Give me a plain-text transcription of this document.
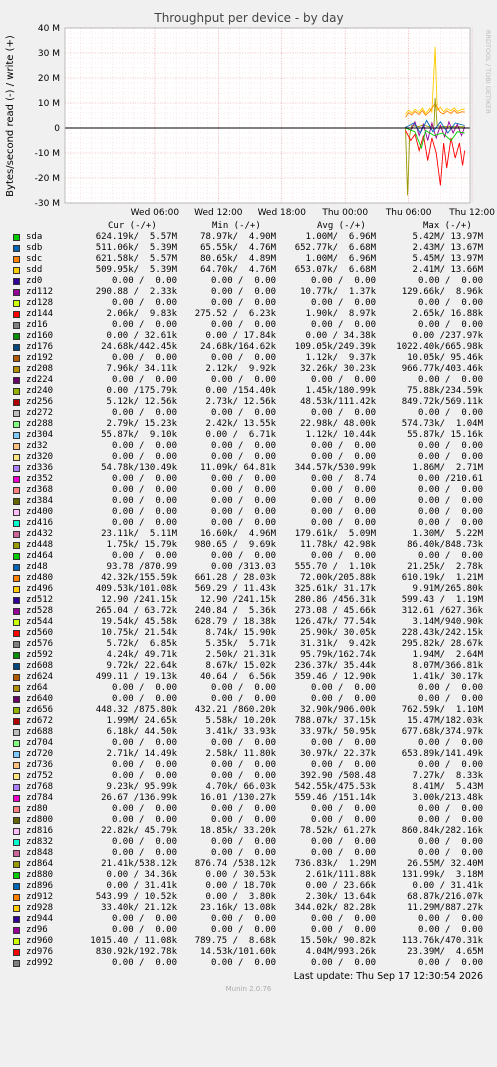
Throughput per device - by day
RRDTOOL / TOBI OETIKER
Bytes/second read (-) / write (+)
40 M
30 M
20 M
10 M
0
-10 M
-20 M
-30 M
Wed 06:00 Wed 12:00 Wed 18:00 Thu 00:00 Thu 06:00 Thu 12:00

Cur (-/+)

	Min (-/+)

	Avg (-/+)

	Max (-/+)

sda	624.19k/  5.57M	78.97k/  4.90M	1.00M/  6.96M	5.42M/ 13.97M
sdb	511.06k/  5.39M	65.55k/  4.76M 652.77k/  6.68M	2.43M/ 13.67M
sdc	621.58k/  5.57M	80.65k/  4.89M	1.00M/  6.96M	5.45M/ 13.97M
sdd	509.95k/  5.39M	64.70k/  4.76M 653.07k/  6.68M	2.41M/ 13.66M
zd0	0.00 /  0.00	0.00 /  0.00	0.00 /  0.00	0.00 /  0.00
zd112	290.88 /  2.33k	0.00 /  0.00	10.77k/  1.37k	129.66k/  8.96k
zd128	0.00 /  0.00	0.00 /  0.00	0.00 /  0.00	0.00 /  0.00
zd144	2.06k/  9.83k 275.52 /  6.23k	1.90k/  8.97k	2.65k/ 16.88k
zd16	0.00 /  0.00	0.00 /  0.00	0.00 /  0.00	0.00 /  0.00
zd160	0.00 / 32.61k	0.00 / 17.84k	0.00 / 34.38k	0.00 /237.97k
zd176	24.68k/442.45k	24.68k/164.62k 109.05k/249.39k 1022.40k/665.98k
zd192	0.00 /  0.00	0.00 /  0.00	1.12k/  9.37k	10.05k/ 95.46k
zd208	7.96k/ 34.11k	2.12k/  9.92k	32.26k/ 30.23k	966.77k/403.46k
zd224	0.00 /  0.00	0.00 /  0.00	0.00 /  0.00	0.00 /  0.00
zd240	0.00 /175.79k	0.00 /154.40k	1.45k/180.99k	75.88k/234.59k
zd256	5.12k/ 12.56k	2.73k/ 12.56k	48.53k/111.42k	849.72k/569.11k
zd272	0.00 /  0.00	0.00 /  0.00	0.00 /  0.00	0.00 /  0.00
zd288	2.79k/ 15.23k	2.42k/ 13.55k	22.98k/ 48.00k	574.73k/  1.04M
zd304	55.87k/  9.10k	0.00 /  6.71k	1.12k/ 10.44k	55.87k/ 15.16k
zd32	0.00 /  0.00	0.00 /  0.00	0.00 /  0.00	0.00 /  0.00
zd320	0.00 /  0.00	0.00 /  0.00	0.00 /  0.00	0.00 /  0.00
zd336	54.78k/130.49k	11.09k/ 64.81k 344.57k/530.99k	1.86M/  2.71M
zd352	0.00 /  0.00	0.00 /  0.00	0.00 /  8.74	0.00 /210.61
zd368	0.00 /  0.00	0.00 /  0.00	0.00 /  0.00	0.00 /  0.00
zd384	0.00 /  0.00	0.00 /  0.00	0.00 /  0.00	0.00 /  0.00
zd400	0.00 /  0.00	0.00 /  0.00	0.00 /  0.00	0.00 /  0.00
zd416	0.00 /  0.00	0.00 /  0.00	0.00 /  0.00	0.00 /  0.00
zd432	23.11k/  5.11M	16.60k/  4.96M 179.61k/  5.09M	1.30M/  5.22M
zd448	1.75k/ 15.79k 980.65 /  9.69k	11.78k/ 42.98k	86.40k/848.73k
zd464	0.00 /  0.00	0.00 /  0.00	0.00 /  0.00	0.00 /  0.00
zd48	93.78 /870.99	0.00 /313.03 555.70 /  1.10k	21.25k/  2.78k
zd480	42.32k/155.59k 661.28 / 28.03k	72.00k/205.88k	610.19k/  1.21M
zd496	409.53k/101.08k 569.29 / 11.43k 325.61k/ 31.17k	9.91M/265.80k
zd512	12.90 /241.15k	12.90 /241.15k 280.86 /456.31k	599.43 /  1.19M
zd528	265.04 / 63.72k 240.84 /  5.36k 273.08 / 45.66k	312.61 /627.36k
zd544	19.54k/ 45.58k 628.79 / 18.38k 126.47k/ 77.54k	3.14M/940.90k
zd560	10.75k/ 21.54k	8.74k/ 15.90k	25.90k/ 30.05k	228.43k/242.15k
zd576	5.72k/  6.85k	5.35k/  5.71k	31.31k/  9.42k	295.82k/ 28.67k
zd592	4.24k/ 49.71k	2.50k/ 21.31k	95.79k/162.74k	1.94M/  2.64M
zd608	9.72k/ 22.64k	8.67k/ 15.02k 236.37k/ 35.44k	8.07M/366.81k
zd624	499.11 / 19.13k	40.64 /  6.56k 359.46 / 12.90k	1.41k/ 30.17k
zd64	0.00 /  0.00	0.00 /  0.00	0.00 /  0.00	0.00 /  0.00
zd640	0.00 /  0.00	0.00 /  0.00	0.00 /  0.00	0.00 /  0.00
zd656	448.32 /875.80k 432.21 /860.20k	32.90k/906.00k	762.59k/  1.10M
zd672	1.99M/ 24.65k	5.58k/ 10.20k 788.07k/ 37.15k	15.47M/182.03k
zd688	6.18k/ 44.50k	3.41k/ 33.93k	33.97k/ 50.95k	677.68k/374.97k
zd704	0.00 /  0.00	0.00 /  0.00	0.00 /  0.00	0.00 /  0.00
zd720	2.71k/ 14.49k	2.58k/ 11.80k	30.97k/ 22.37k	653.89k/141.49k
zd736	0.00 /  0.00	0.00 /  0.00	0.00 /  0.00	0.00 /  0.00
zd752	0.00 /  0.00	0.00 /  0.00	392.90 /508.48	7.27k/  8.33k
zd768	9.23k/ 95.99k	4.70k/ 66.03k 542.55k/475.53k	8.41M/  5.43M
zd784	26.67 /136.99k	16.01 /130.27k 559.46 /151.14k	3.00k/213.48k
zd80	0.00 /  0.00	0.00 /  0.00	0.00 /  0.00	0.00 /  0.00
zd800	0.00 /  0.00	0.00 /  0.00	0.00 /  0.00	0.00 /  0.00
zd816	22.82k/ 45.79k	18.85k/ 33.20k	78.52k/ 61.27k	860.84k/282.16k
zd832	0.00 /  0.00	0.00 /  0.00	0.00 /  0.00	0.00 /  0.00
zd848	0.00 /  0.00	0.00 /  0.00	0.00 /  0.00	0.00 /  0.00
zd864	21.41k/538.12k 876.74 /538.12k 736.83k/  1.29M	26.55M/ 32.40M
zd880	0.00 / 34.36k	0.00 / 30.53k	2.61k/111.88k	131.99k/  3.18M
zd896	0.00 / 31.41k	0.00 / 18.70k	0.00 / 23.66k	0.00 / 31.41k
zd912	543.99 / 10.52k	0.00 /  3.80k	2.30k/ 13.64k	68.87k/216.07k
zd928	33.40k/ 21.12k	23.16k/ 13.08k 344.02k/ 82.28k	11.29M/887.27k
zd944	0.00 /  0.00	0.00 /  0.00	0.00 /  0.00	0.00 /  0.00
zd96	0.00 /  0.00	0.00 /  0.00	0.00 /  0.00	0.00 /  0.00
zd960	1015.40 / 11.08k 789.75 /  8.68k	15.50k/ 90.82k	113.76k/470.31k
zd976	830.92k/192.78k	14.53k/101.60k	4.04M/993.26k	23.39M/  4.65M
zd992	0.00 /  0.00	0.00 /  0.00	0.00 /  0.00	0.00 /  0.00
Last update: Thu Sep 17 12:30:54 2026
Munin 2.0.76
